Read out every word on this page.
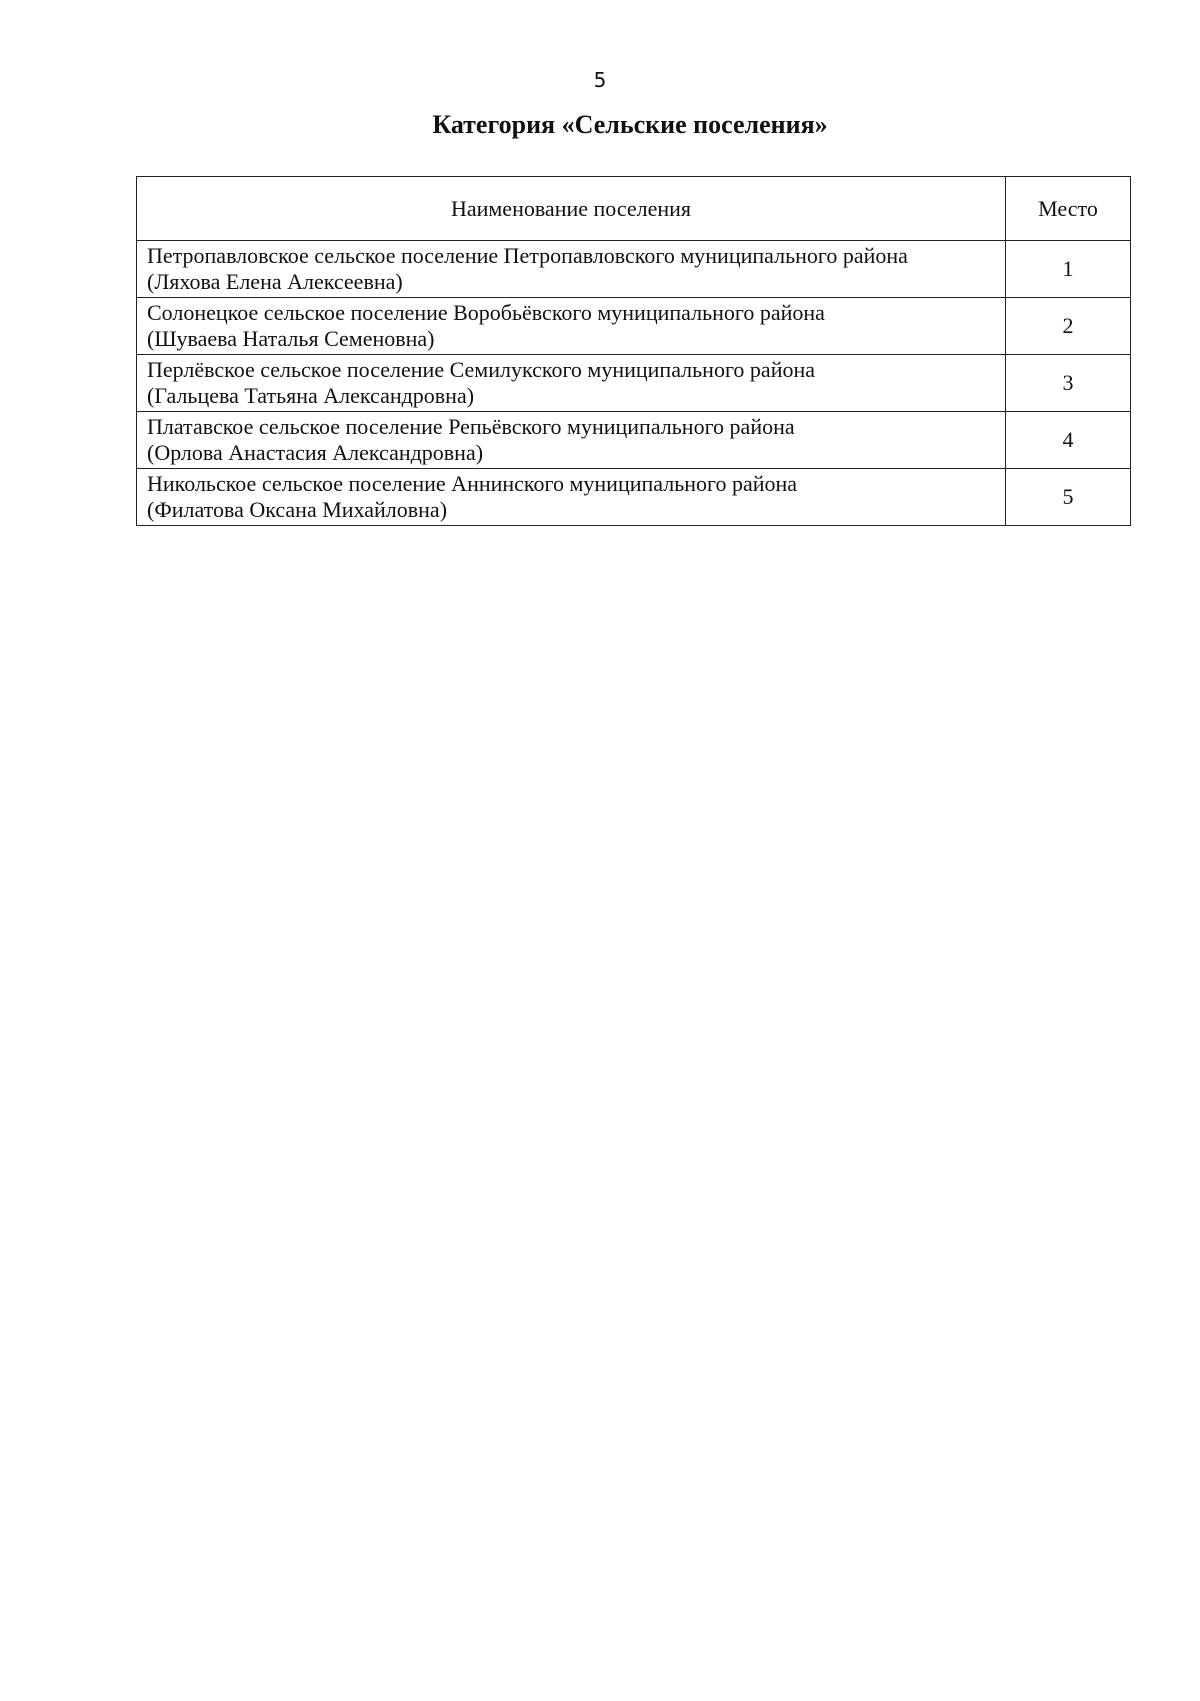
5
Категория «Сельские поселения»
Наименование поселения	Место

Петропавловское сельское поселение Петропавловского муниципального района
(Ляхова Елена Алексеевна)	1

Солонецкое сельское поселение Воробьёвского муниципального района
(Шуваева Наталья Семеновна)	2

Перлёвское сельское поселение Семилукского муниципального района
(Гальцева Татьяна Александровна)	3

Платавское сельское поселение Репьёвского муниципального района
(Орлова Анастасия Александровна)	4

Никольское сельское поселение Аннинского муниципального района
(Филатова Оксана Михайловна)	5
